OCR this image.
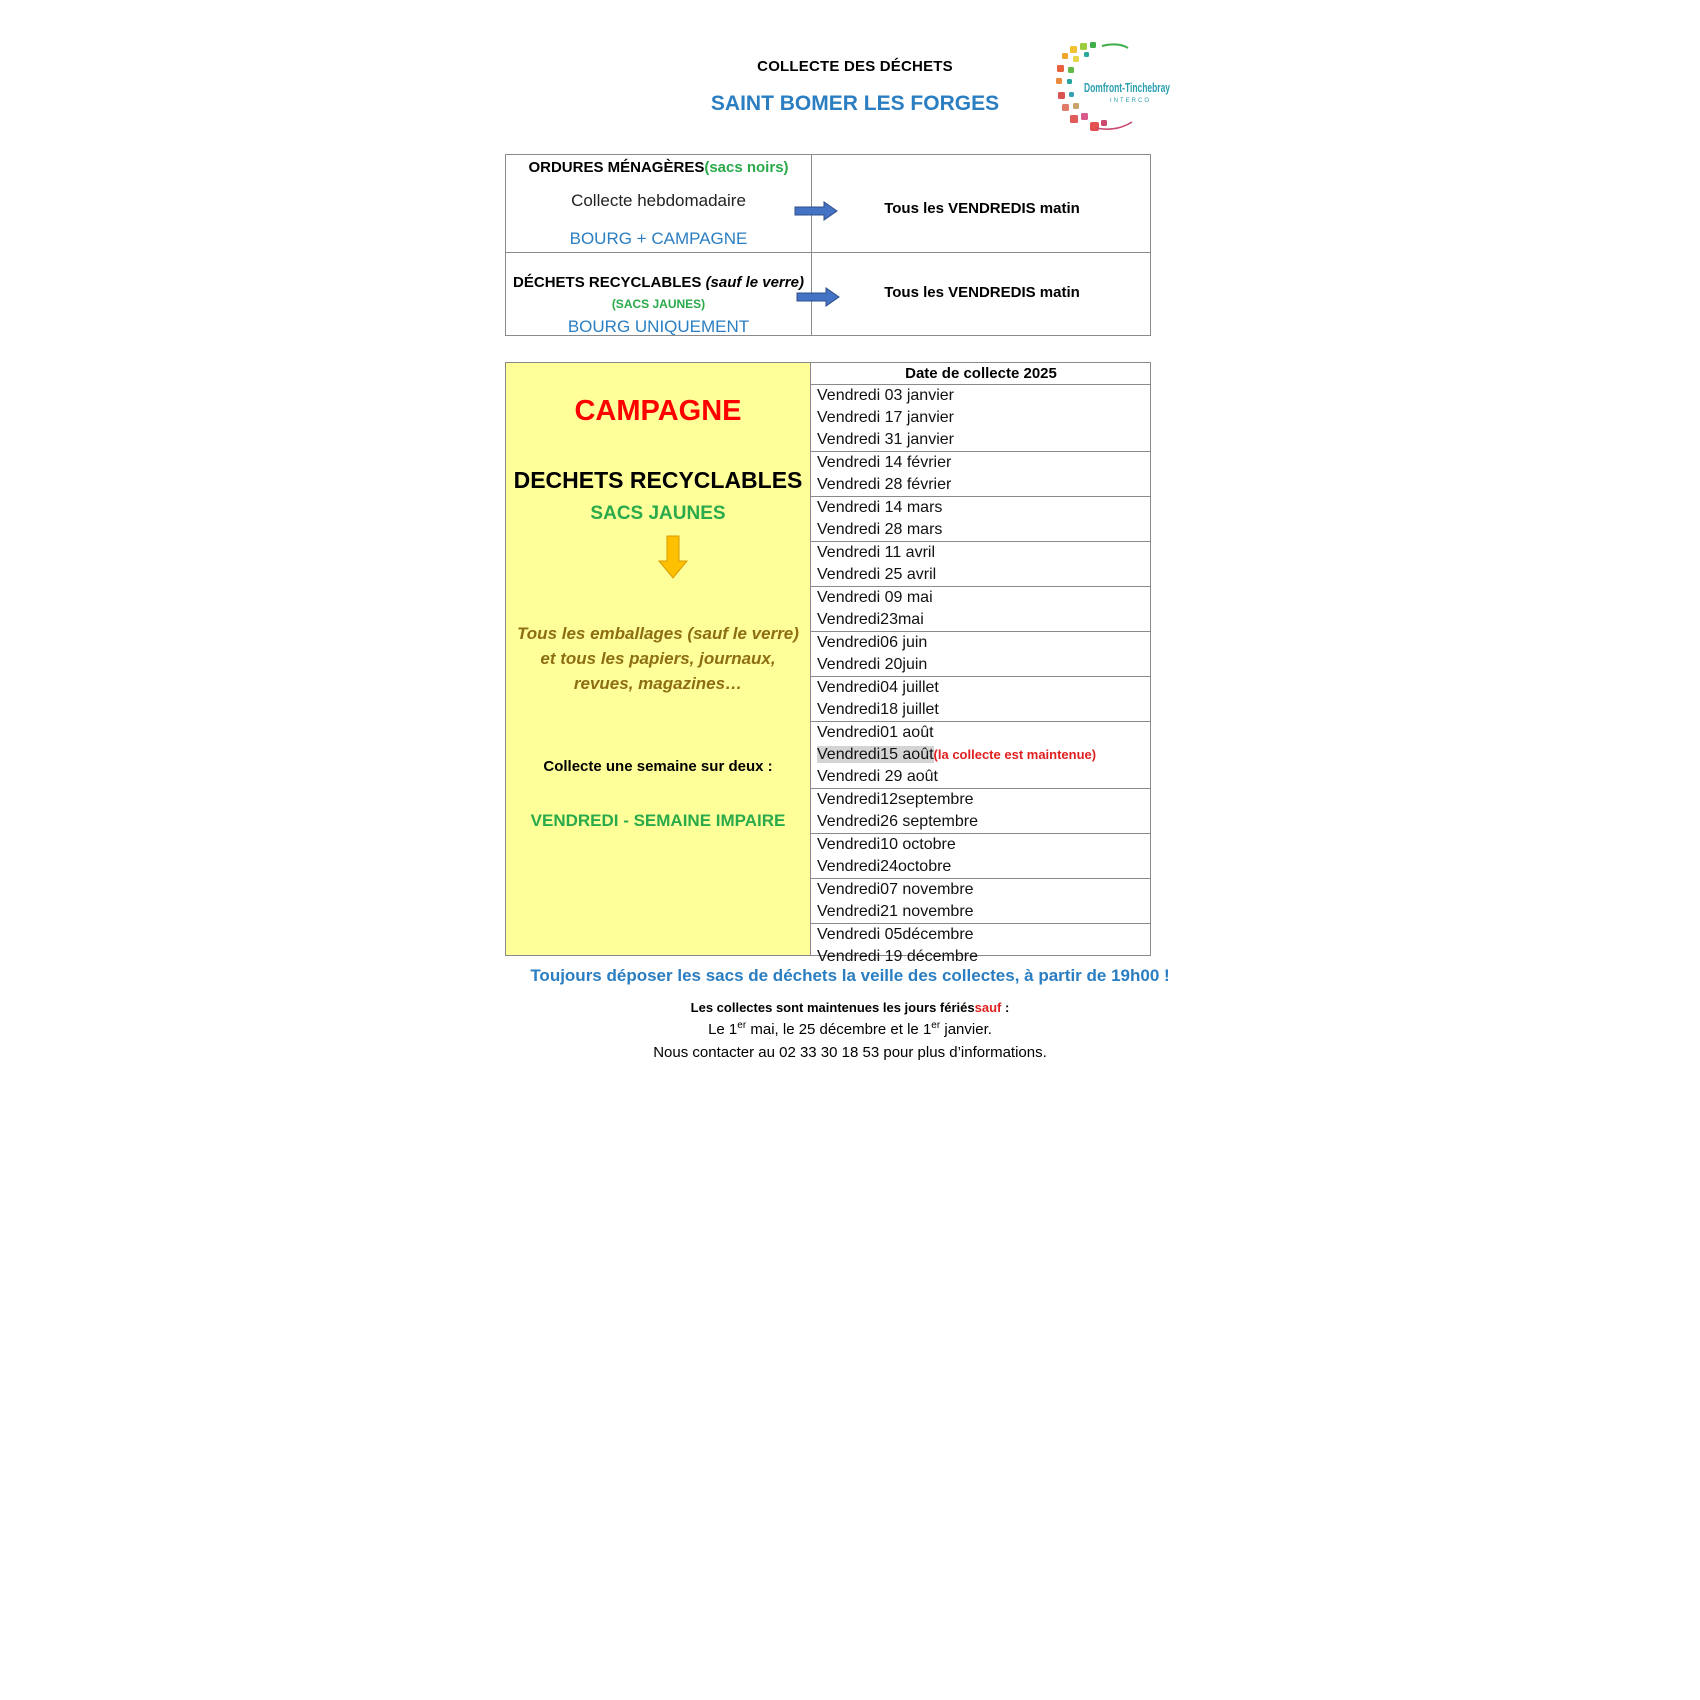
COLLECTE DES DÉCHETS
SAINT BOMER LES FORGES
Domfront-Tinchebray
INTERCO
ORDURES MÉNAGÈRES(sacs noirs)
Collecte hebdomadaire
BOURG + CAMPAGNE
Tous les VENDREDIS matin
DÉCHETS RECYCLABLES (sauf le verre)
(SACS JAUNES)
BOURG UNIQUEMENT
Tous les VENDREDIS matin
CAMPAGNE
DECHETS RECYCLABLES
SACS JAUNES
Tous les emballages (sauf le verre) et tous les papiers, journaux, revues, magazines…
Collecte une semaine sur deux :
VENDREDI - SEMAINE IMPAIRE
Date de collecte 2025
Vendredi 03 janvier
Vendredi 17 janvier
Vendredi 31 janvier
Vendredi 14 février
Vendredi 28 février
Vendredi 14 mars
Vendredi 28 mars
Vendredi 11 avril
Vendredi 25 avril
Vendredi 09 mai
Vendredi23mai
Vendredi06 juin
Vendredi 20juin
Vendredi04 juillet
Vendredi18 juillet
Vendredi01 août
Vendredi15 août(la collecte est maintenue)
Vendredi 29 août
Vendredi12septembre
Vendredi26 septembre
Vendredi10 octobre
Vendredi24octobre
Vendredi07 novembre
Vendredi21 novembre
Vendredi 05décembre
Vendredi 19 décembre
Toujours déposer les sacs de déchets la veille des collectes, à partir de 19h00 !
Les collectes sont maintenues les jours fériéssauf :
Le 1er mai, le 25 décembre et le 1er janvier.
Nous contacter au 02 33 30 18 53 pour plus d’informations.
